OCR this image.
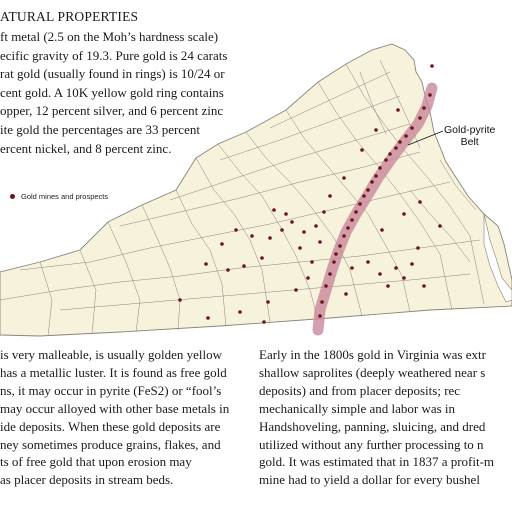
ATURAL PROPERTIES
ft metal (2.5 on the Moh’s hardness scale)
ecific gravity of 19.3. Pure gold is 24 carats
rat gold (usually found in rings) is 10/24 or
cent gold. A 10K yellow gold ring contains
opper, 12 percent silver, and 6 percent zinc
ite gold the percentages are 33 percent
ercent nickel, and 8 percent zinc.
Gold mines and prospects
Gold-pyrite
Belt
is very malleable, is usually golden yellow
has a metallic luster. It is found as free gold
ns, it may occur in pyrite (FeS2) or “fool’s
may occur alloyed with other base metals in
ide deposits. When these gold deposits are
ney sometimes produce grains, flakes, and
ts of free gold that upon erosion may
as placer deposits in stream beds.
Early in the 1800s gold in Virginia was extr
shallow saprolites (deeply weathered near s
deposits) and from placer deposits; rec
mechanically simple and labor was in
Handshoveling, panning, sluicing, and dred
utilized without any further processing to n
gold. It was estimated that in 1837 a profit-m
mine had to yield a dollar for every bushel
